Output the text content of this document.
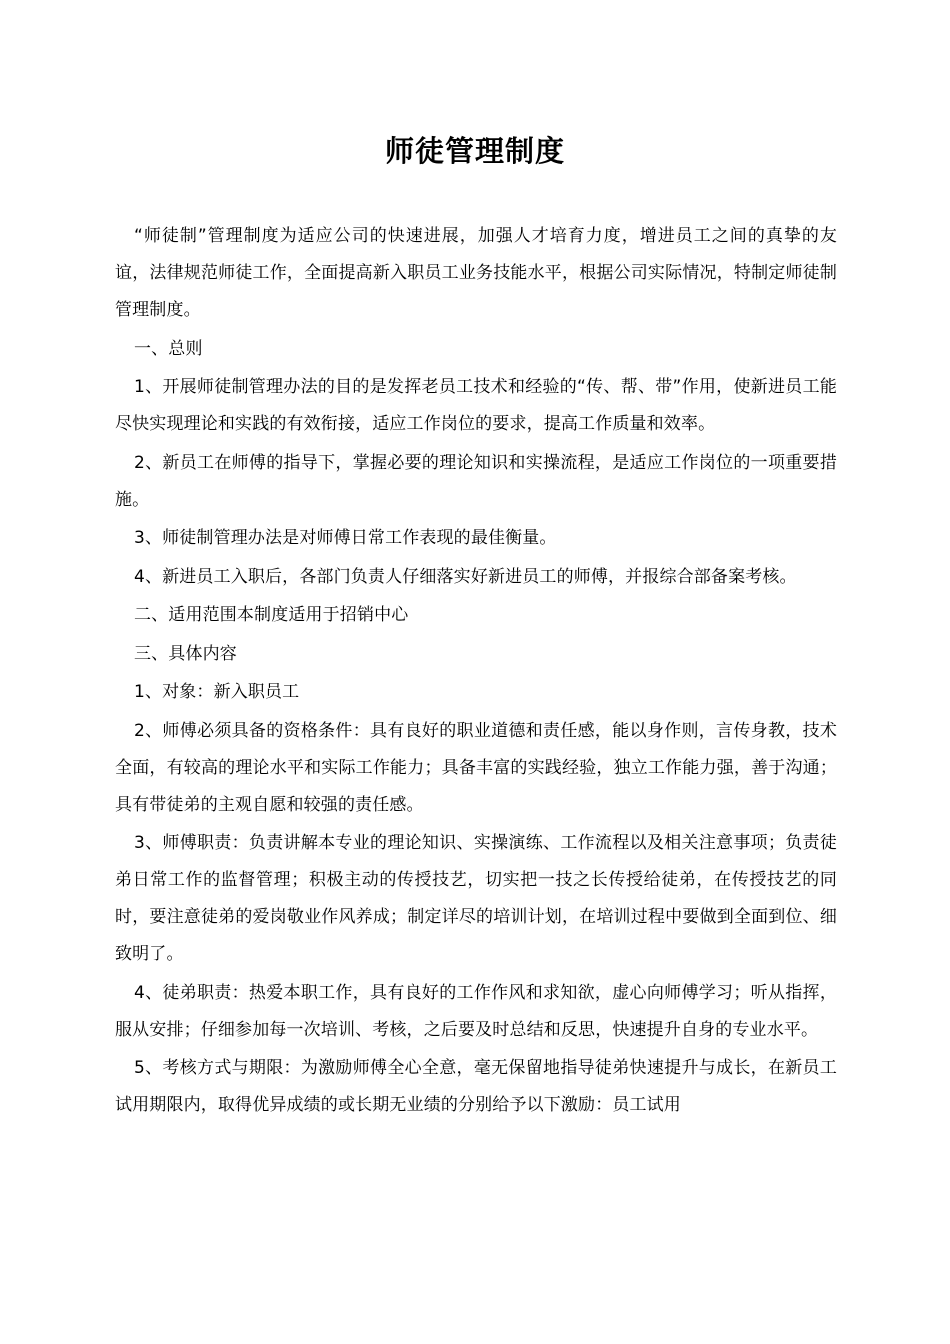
师徒管理制度

“师徒制”管理制度为适应公司的快速进展，加强人才培育力度，增进员工之间的真挚的友谊，法律规范师徒工作，全面提高新入职员工业务技能水平，根据公司实际情况，特制定师徒制管理制度。

一、总则

1、开展师徒制管理办法的目的是发挥老员工技术和经验的“传、帮、带”作用，使新进员工能尽快实现理论和实践的有效衔接，适应工作岗位的要求，提高工作质量和效率。

2、新员工在师傅的指导下，掌握必要的理论知识和实操流程，是适应工作岗位的一项重要措施。

3、师徒制管理办法是对师傅日常工作表现的最佳衡量。

4、新进员工入职后，各部门负责人仔细落实好新进员工的师傅，并报综合部备案考核。

二、适用范围本制度适用于招销中心

三、具体内容

1、对象：新入职员工

2、师傅必须具备的资格条件：具有良好的职业道德和责任感，能以身作则，言传身教，技术全面，有较高的理论水平和实际工作能力；具备丰富的实践经验，独立工作能力强，善于沟通；具有带徒弟的主观自愿和较强的责任感。

3、师傅职责：负责讲解本专业的理论知识、实操演练、工作流程以及相关注意事项；负责徒弟日常工作的监督管理；积极主动的传授技艺，切实把一技之长传授给徒弟，在传授技艺的同时，要注意徒弟的爱岗敬业作风养成；制定详尽的培训计划，在培训过程中要做到全面到位、细致明了。

4、徒弟职责：热爱本职工作，具有良好的工作作风和求知欲，虚心向师傅学习；听从指挥，服从安排；仔细参加每一次培训、考核，之后要及时总结和反思，快速提升自身的专业水平。

5、考核方式与期限：为激励师傅全心全意，毫无保留地指导徒弟快速提升与成长，在新员工试用期限内，取得优异成绩的或长期无业绩的分别给予以下激励：员工试用
